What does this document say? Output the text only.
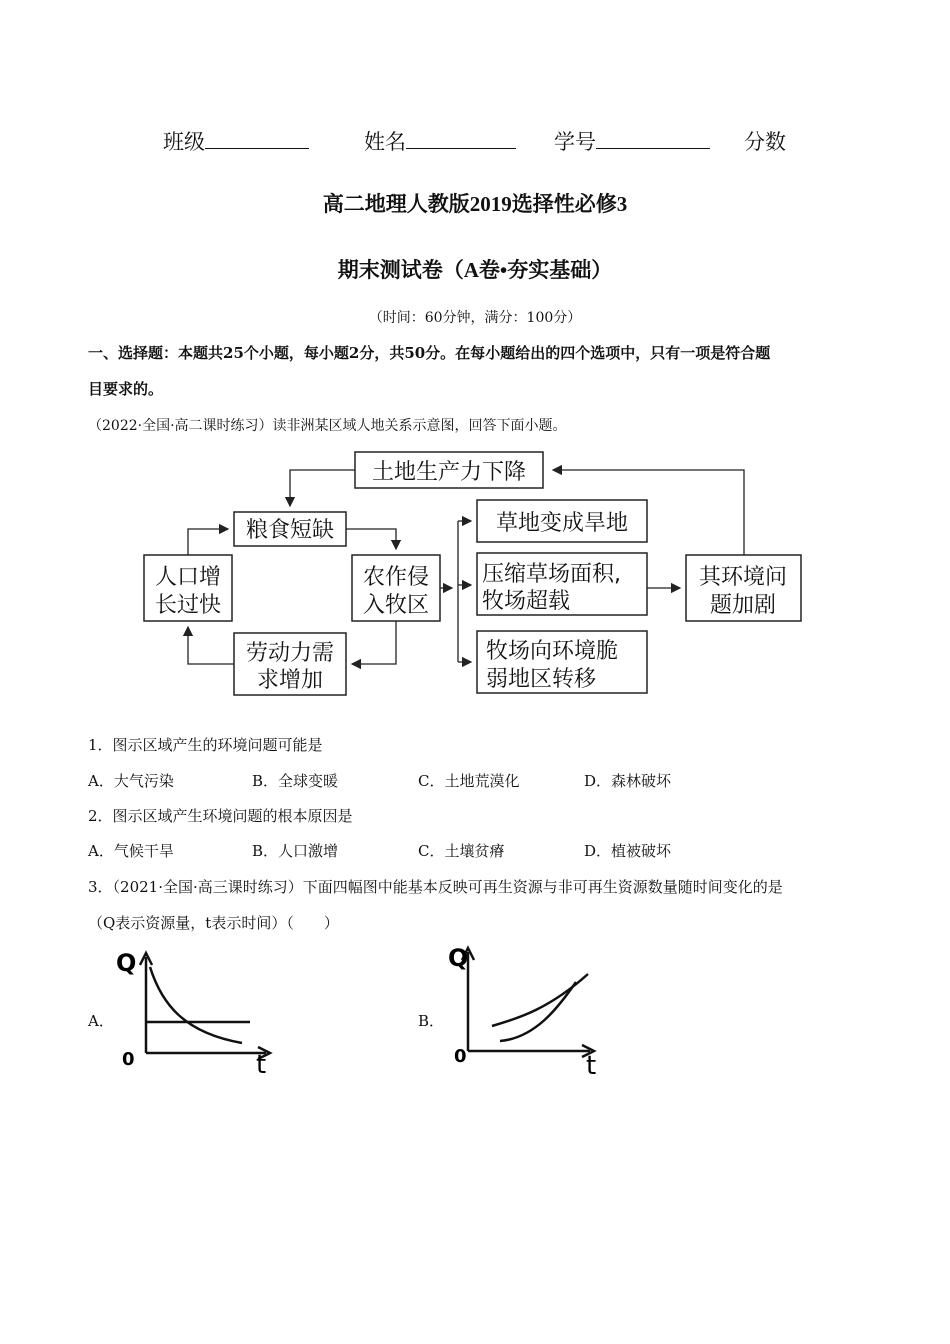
班级	姓名	学号	分数
高二地理人教版2019选择性必修3
期末测试卷（A卷•夯实基础）
（时间：60分钟，满分：100分）
一、选择题：本题共25个小题，每小题2分，共50分。在每小题给出的四个选项中，只有一项是符合题
目要求的。
（2022·全国·高二课时练习）读非洲某区域人地关系示意图，回答下面小题。
土地生产力下降
粮食短缺
人口增
长过快
农作侵
入牧区
劳动力需
求增加
草地变成旱地
压缩草场面积,
牧场超载
牧场向环境脆
弱地区转移
其环境问
题加剧
1．图示区域产生的环境问题可能是
A．大气污染	B．全球变暖	C．土地荒漠化	D．森林破坏
2．图示区域产生环境问题的根本原因是
A．气候干旱	B．人口激增	C．土壤贫瘠	D．植被破坏
3．（2021·全国·高三课时练习）下面四幅图中能基本反映可再生资源与非可再生资源数量随时间变化的是
（Q表示资源量，t表示时间）（　　）
A．
Q
t
0
B．
Q
t
0
